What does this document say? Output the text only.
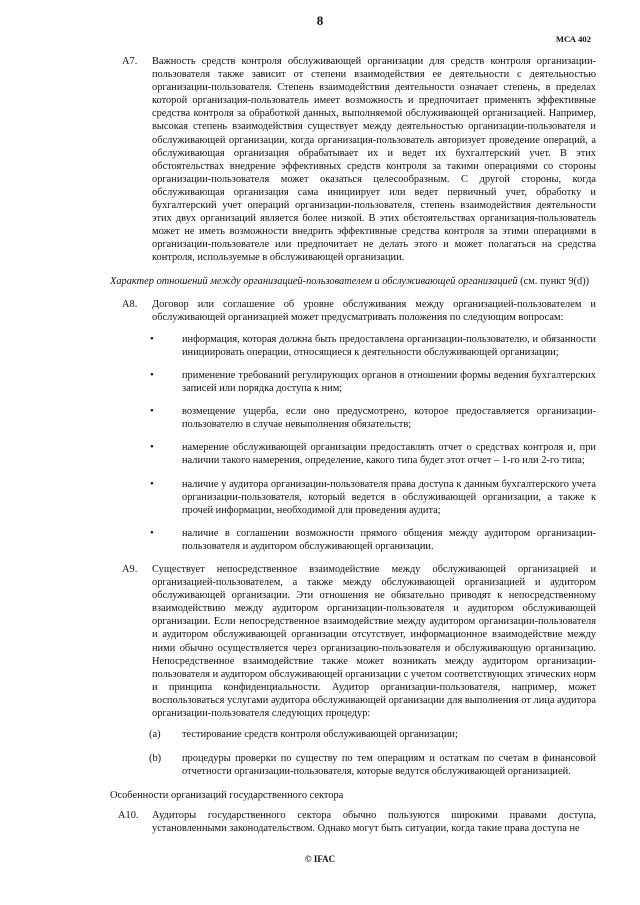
8
МСА 402

A7. Важность средств контроля обслуживающей организации для средств контроля организации-пользователя также зависит от степени взаимодействия ее деятельности с деятельностью организации-пользователя. Степень взаимодействия деятельности означает степень, в пределах которой организация-пользователь имеет возможность и предпочитает применять эффективные средства контроля за обработкой данных, выполняемой обслуживающей организацией. Например, высокая степень взаимодействия существует между деятельностью организации-пользователя и обслуживающей организации, когда организация-пользователь авторизует проведение операций, а обслуживающая организация обрабатывает их и ведет их бухгалтерский учет. В этих обстоятельствах внедрение эффективных средств контроля за такими операциями со стороны организации-пользователя может оказаться целесообразным. С другой стороны, когда обслуживающая организация сама инициирует или ведет первичный учет, обработку и бухгалтерский учет операций организации-пользователя, степень взаимодействия деятельности этих двух организаций является более низкой. В этих обстоятельствах организация-пользователь может не иметь возможности внедрить эффективные средства контроля за этими операциями в организации-пользователе или предпочитает не делать этого и может полагаться на средства контроля, используемые в обслуживающей организации.

Характер отношений между организацией-пользователем и обслуживающей организацией (см. пункт 9(d))

A8. Договор или соглашение об уровне обслуживания между организацией-пользователем и обслуживающей организацией может предусматривать положения по следующим вопросам:

•	информация, которая должна быть предоставлена организации-пользователю, и обязанности инициировать операции, относящиеся к деятельности обслуживающей организации;
•	применение требований регулирующих органов в отношении формы ведения бухгалтерских записей или порядка доступа к ним;
•	возмещение ущерба, если оно предусмотрено, которое предоставляется организации-пользователю в случае невыполнения обязательств;
•	намерение обслуживающей организации предоставлять отчет о средствах контроля и, при наличии такого намерения, определение, какого типа будет этот отчет – 1-го или 2-го типа;
•	наличие у аудитора организации-пользователя права доступа к данным бухгалтерского учета организации-пользователя, который ведется в обслуживающей организации, а также к прочей информации, необходимой для проведения аудита;
•	наличие в соглашении возможности прямого общения между аудитором организации-пользователя и аудитором обслуживающей организации.

A9. Существует непосредственное взаимодействие между обслуживающей организацией и организацией-пользователем, а также между обслуживающей организацией и аудитором обслуживающей организации. Эти отношения не обязательно приводят к непосредственному взаимодействию между аудитором организации-пользователя и аудитором обслуживающей организации. Если непосредственное взаимодействие между аудитором организации-пользователя и аудитором обслуживающей организации отсутствует, информационное взаимодействие между ними обычно осуществляется через организацию-пользователя и обслуживающую организацию. Непосредственное взаимодействие также может возникать между аудитором организации-пользователя и аудитором обслуживающей организации с учетом соответствующих этических норм и принципа конфиденциальности. Аудитор организации-пользователя, например, может воспользоваться услугами аудитора обслуживающей организации для выполнения от лица аудитора организации-пользователя следующих процедур:

(a) тестирование средств контроля обслуживающей организации;
(b) процедуры проверки по существу по тем операциям и остаткам по счетам в финансовой отчетности организации-пользователя, которые ведутся обслуживающей организацией.

Особенности организаций государственного сектора

A10. Аудиторы государственного сектора обычно пользуются широкими правами доступа, установленными законодательством. Однако могут быть ситуации, когда такие права доступа не

© IFAC
